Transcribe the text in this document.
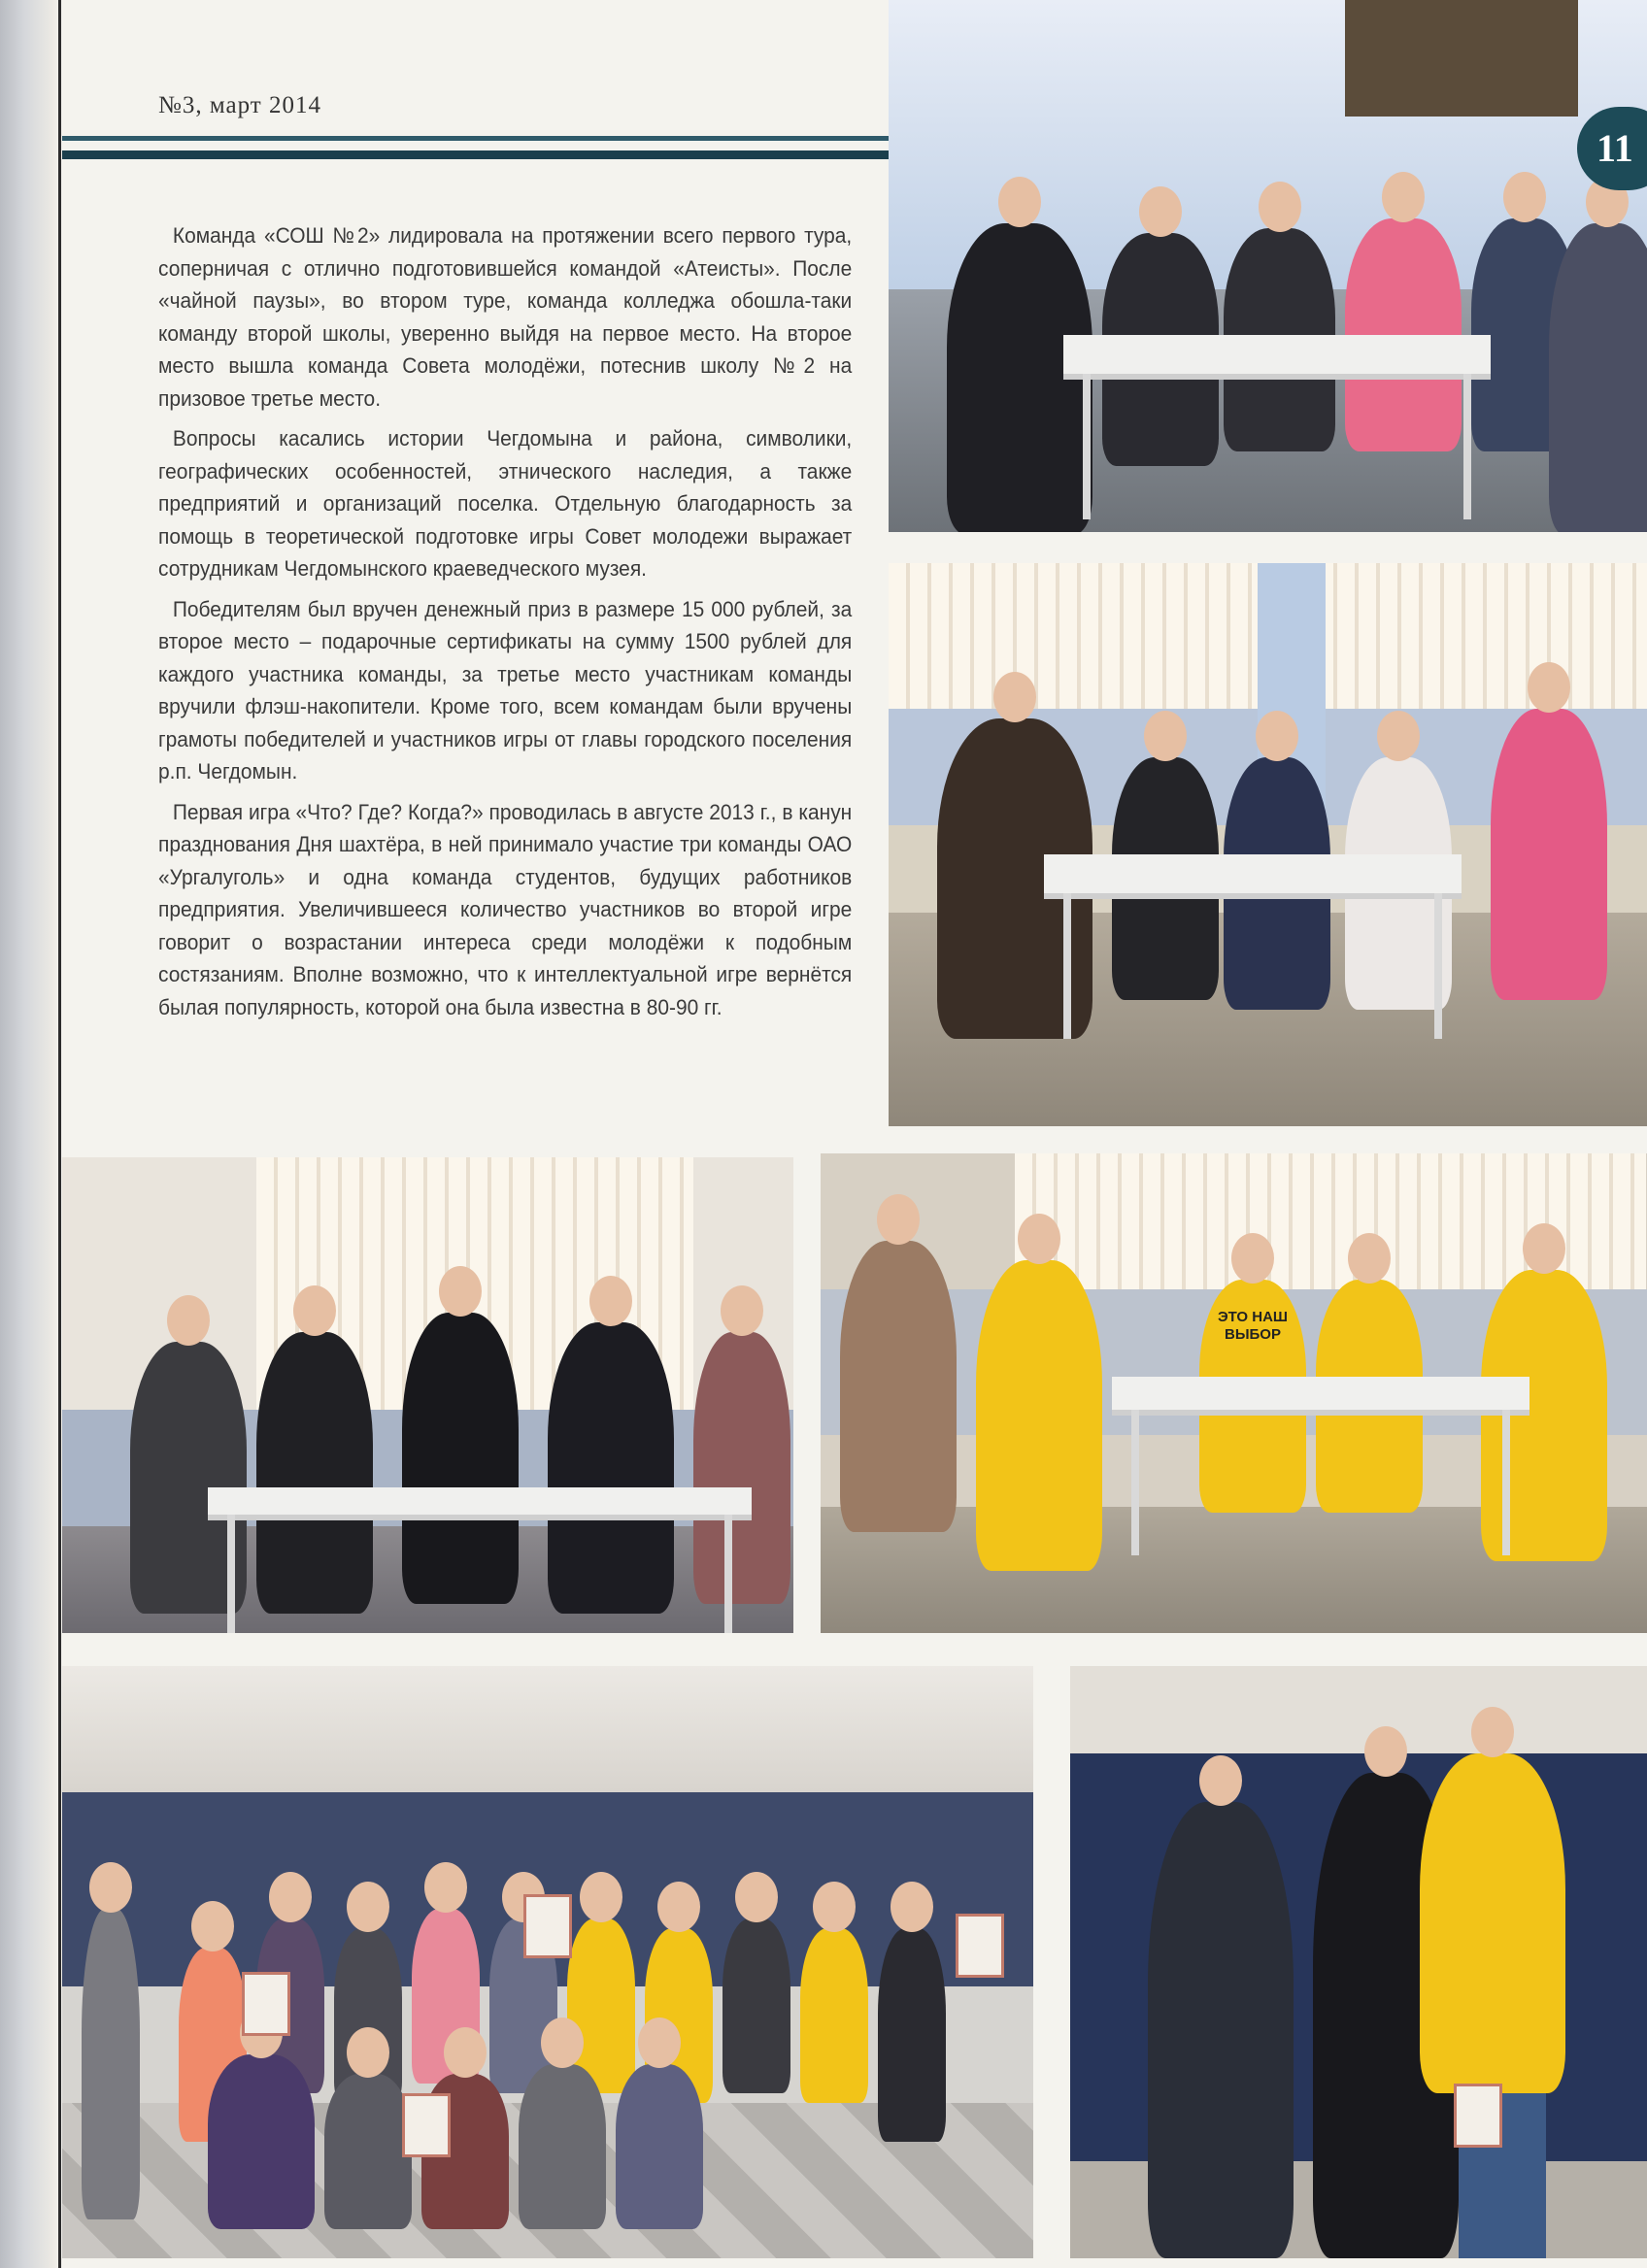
№3, март 2014
11

Команда «СОШ №2» лидировала на протяжении всего первого тура, соперничая с отлично подготовившейся командой «Атеисты». После «чайной паузы», во втором туре, команда колледжа обошла-таки команду второй школы, уверенно выйдя на первое место. На второе место вышла команда Совета молодёжи, потеснив школу №2 на призовое третье место.

Вопросы касались истории Чегдомына и района, символики, географических особенностей, этнического наследия, а также предприятий и организаций поселка. Отдельную благодарность за помощь в теоретической подготовке игры Совет молодежи выражает сотрудникам Чегдомынского краеведческого музея.

Победителям был вручен денежный приз в размере 15 000 рублей, за второе место – подарочные сертификаты на сумму 1500 рублей для каждого участника команды, за третье место участникам команды вручили флэш-накопители. Кроме того, всем командам были вручены грамоты победителей и участников игры от главы городского поселения р.п. Чегдомын.

Первая игра «Что? Где? Когда?» проводилась в августе 2013 г., в канун празднования Дня шахтёра, в ней принимало участие три команды ОАО «Ургалуголь» и одна команда студентов, будущих работников предприятия. Увеличившееся количество участников во второй игре говорит о возрастании интереса среди молодёжи к подобным состязаниям. Вполне возможно, что к интеллектуальной игре вернётся былая популярность, которой она была известна в 80-90 гг.

ЭТО НАШ ВЫБОР
